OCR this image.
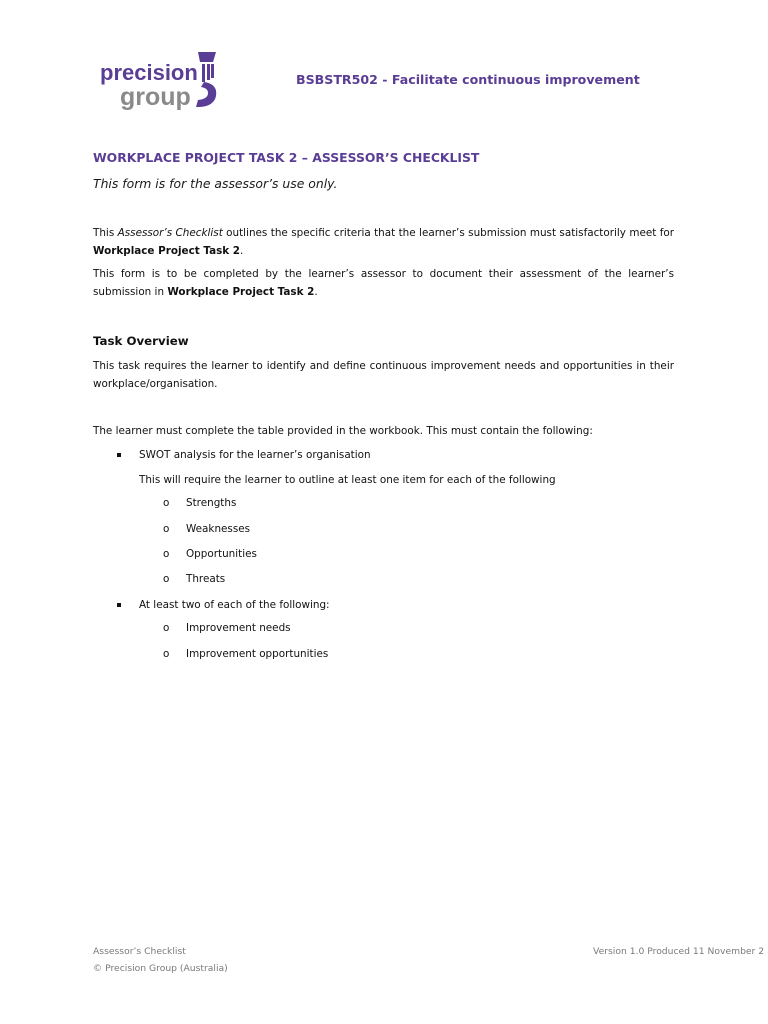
precision
group
BSBSTR502 - Facilitate continuous improvement
WORKPLACE PROJECT TASK 2 – ASSESSOR’S CHECKLIST
This form is for the assessor’s use only.

This Assessor’s Checklist outlines the specific criteria that the learner’s submission must satisfactorily meet for Workplace Project Task 2.

This form is to be completed by the learner’s assessor to document their assessment of the learner’s submission in Workplace Project Task 2.

Task Overview

This task requires the learner to identify and define continuous improvement needs and opportunities in their workplace/organisation.

The learner must complete the table provided in the workbook. This must contain the following:
SWOT analysis for the learner’s organisation
This will require the learner to outline at least one item for each of the following
o Strengths
o Weaknesses
o Opportunities
o Threats
At least two of each of the following:
o Improvement needs
o Improvement opportunities
Assessor’s Checklist
© Precision Group (Australia)
Version 1.0 Produced 11 November 2
